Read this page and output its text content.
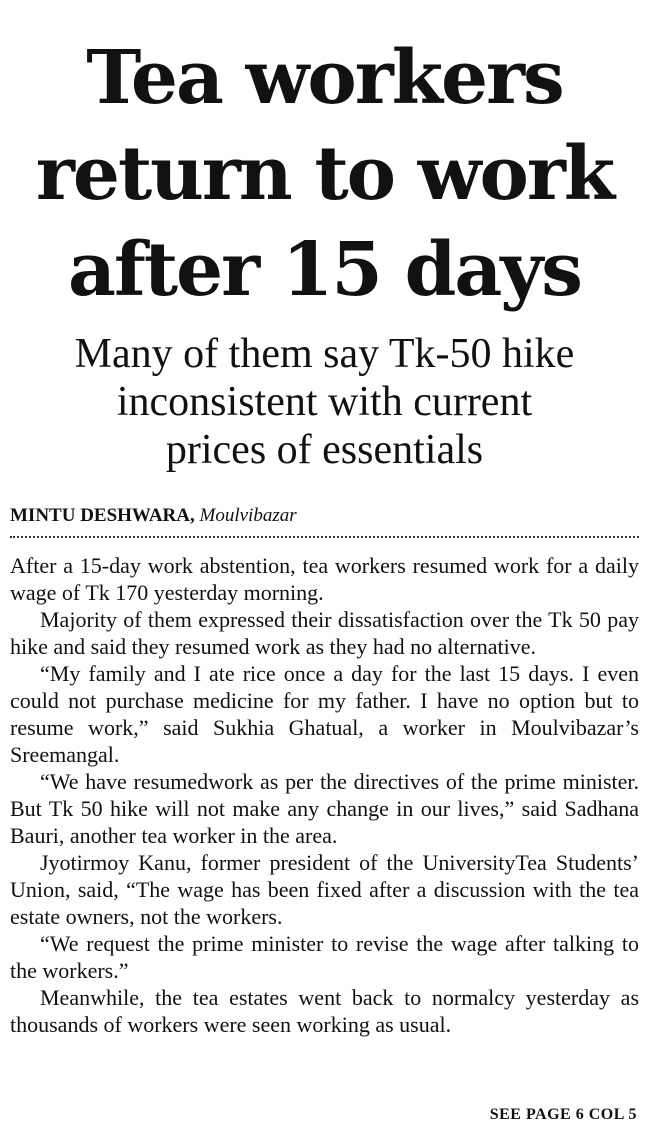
Tea workers
return to work
after 15 days
Many of them say Tk-50 hike
inconsistent with current
prices of essentials
MINTU DESHWARA, Moulvibazar

After a 15-day work abstention, tea workers resumed work for a daily wage of Tk 170 yesterday morning.

Majority of them expressed their dissatisfaction over the Tk 50 pay hike and said they resumed work as they had no alternative.

“My family and I ate rice once a day for the last 15 days. I even could not purchase medicine for my father. I have no option but to resume work,” said Sukhia Ghatual, a worker in Moulvibazar’s Sreemangal.

“We have resumedwork as per the directives of the prime minister. But Tk 50 hike will not make any change in our lives,” said Sadhana Bauri, another tea worker in the area.

Jyotirmoy Kanu, former president of the UniversityTea Students’ Union, said, “The wage has been fixed after a discussion with the tea estate owners, not the workers.

“We request the prime minister to revise the wage after talking to the workers.”

Meanwhile, the tea estates went back to normalcy yesterday as thousands of workers were seen working as usual.

SEE PAGE 6 COL 5
